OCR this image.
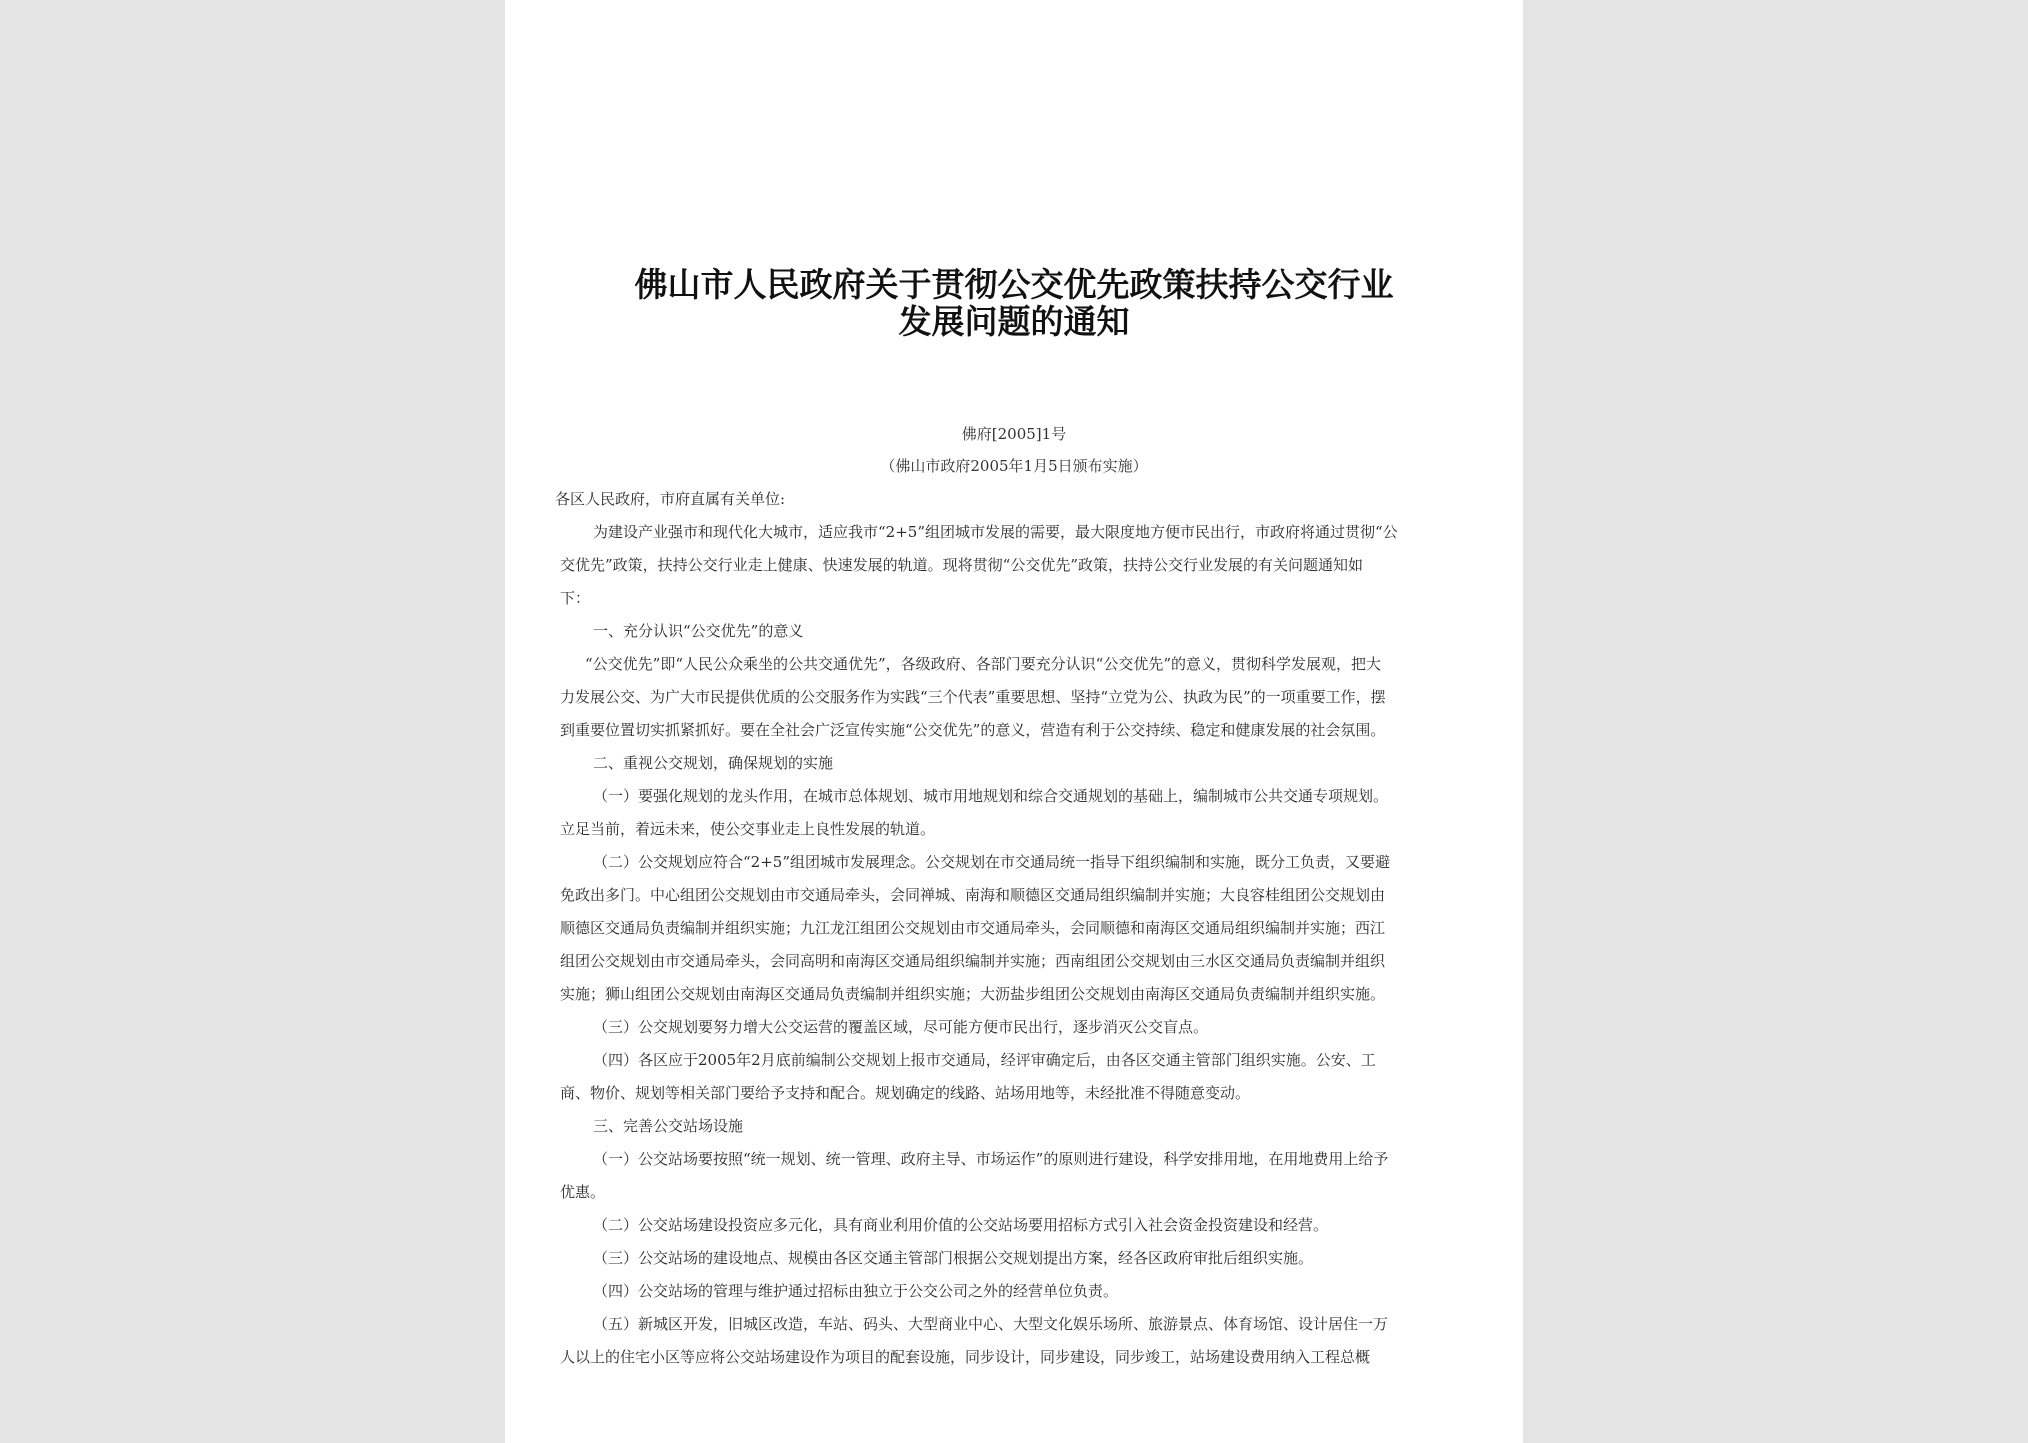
佛山市人民政府关于贯彻公交优先政策扶持公交行业
发展问题的通知

佛府[2005]1号

（佛山市政府2005年1月5日颁布实施）

各区人民政府，市府直属有关单位:

为建设产业强市和现代化大城市，适应我市“2+5”组团城市发展的需要，最大限度地方便市民出行，市政府将通过贯彻“公

交优先”政策，扶持公交行业走上健康、快速发展的轨道。现将贯彻“公交优先”政策，扶持公交行业发展的有关问题通知如

下：

一、充分认识“公交优先”的意义

“公交优先”即“人民公众乘坐的公共交通优先”，各级政府、各部门要充分认识“公交优先”的意义，贯彻科学发展观，把大

力发展公交、为广大市民提供优质的公交服务作为实践“三个代表”重要思想、坚持“立党为公、执政为民”的一项重要工作，摆

到重要位置切实抓紧抓好。要在全社会广泛宣传实施“公交优先”的意义，营造有利于公交持续、稳定和健康发展的社会氛围。

二、重视公交规划，确保规划的实施

（一）要强化规划的龙头作用，在城市总体规划、城市用地规划和综合交通规划的基础上，编制城市公共交通专项规划。

立足当前，着远未来，使公交事业走上良性发展的轨道。

（二）公交规划应符合“2+5”组团城市发展理念。公交规划在市交通局统一指导下组织编制和实施，既分工负责，又要避

免政出多门。中心组团公交规划由市交通局牵头，会同禅城、南海和顺德区交通局组织编制并实施；大良容桂组团公交规划由

顺德区交通局负责编制并组织实施；九江龙江组团公交规划由市交通局牵头，会同顺德和南海区交通局组织编制并实施；西江

组团公交规划由市交通局牵头，会同高明和南海区交通局组织编制并实施；西南组团公交规划由三水区交通局负责编制并组织

实施；狮山组团公交规划由南海区交通局负责编制并组织实施；大沥盐步组团公交规划由南海区交通局负责编制并组织实施。

（三）公交规划要努力增大公交运营的覆盖区域，尽可能方便市民出行，逐步消灭公交盲点。

（四）各区应于2005年2月底前编制公交规划上报市交通局，经评审确定后，由各区交通主管部门组织实施。公安、工

商、物价、规划等相关部门要给予支持和配合。规划确定的线路、站场用地等，未经批准不得随意变动。

三、完善公交站场设施

（一）公交站场要按照“统一规划、统一管理、政府主导、市场运作”的原则进行建设，科学安排用地，在用地费用上给予

优惠。

（二）公交站场建设投资应多元化，具有商业利用价值的公交站场要用招标方式引入社会资金投资建设和经营。

（三）公交站场的建设地点、规模由各区交通主管部门根据公交规划提出方案，经各区政府审批后组织实施。

（四）公交站场的管理与维护通过招标由独立于公交公司之外的经营单位负责。

（五）新城区开发，旧城区改造，车站、码头、大型商业中心、大型文化娱乐场所、旅游景点、体育场馆、设计居住一万

人以上的住宅小区等应将公交站场建设作为项目的配套设施，同步设计，同步建设，同步竣工，站场建设费用纳入工程总概
